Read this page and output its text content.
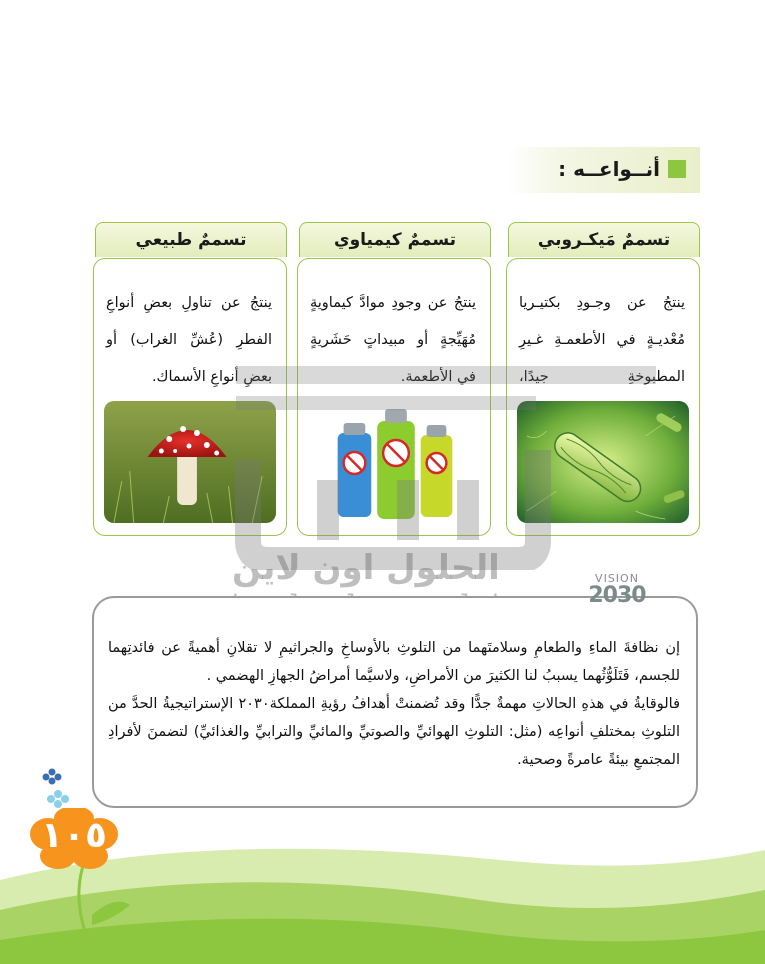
أنــواعــه :
تسممٌ مَيكـروبي
ينتجُ عن وجـودِ بكتيـريا مُعْديـةٍ في الأطعمـةِ غـيرِ المطبوخةِ جيدًا،
تسممٌ كيمياوي
ينتجُ عن وجودِ موادَّ كيماويةٍ مُهَيِّجةٍ أو مبيداتٍ حَشَريةٍ في الأطعمة.
تسممٌ طبيعي
ينتجُ عن تناولِ بعضِ أنواعِ الفطرِ (عُشِّ الغراب) أو بعضِ أنواعِ الأسماك.
الحلول اون لاين
إن نظافةَ الماءِ والطعامِ وسلامتَهما من التلوثِ بالأوساخِ والجراثيمِ لا تقلانِ أهميةً عن فائدتِهما للجسم، فَتَلَوُّثُهما يسببُ لنا الكثيرَ من الأمراضِ، ولاسيَّما أمراضُ الجهازِ الهضمي .
فالوقايةُ في هذهِ الحالاتِ مهمةٌ جدًّا وقد تُضمنتْ أهدافُ رؤيةِ المملكة٢٠٣٠ الإستراتيجيةُ الحدَّ من التلوثِ بمختلفِ أنواعِه (مثل: التلوثِ الهوائيِّ والصوتيِّ والمائيِّ والترابيِّ والغذائيِّ) لتضمنَ لأفرادِ المجتمعِ بيئةً عامرةً وصحية.
VISION
2030
١٠٥
